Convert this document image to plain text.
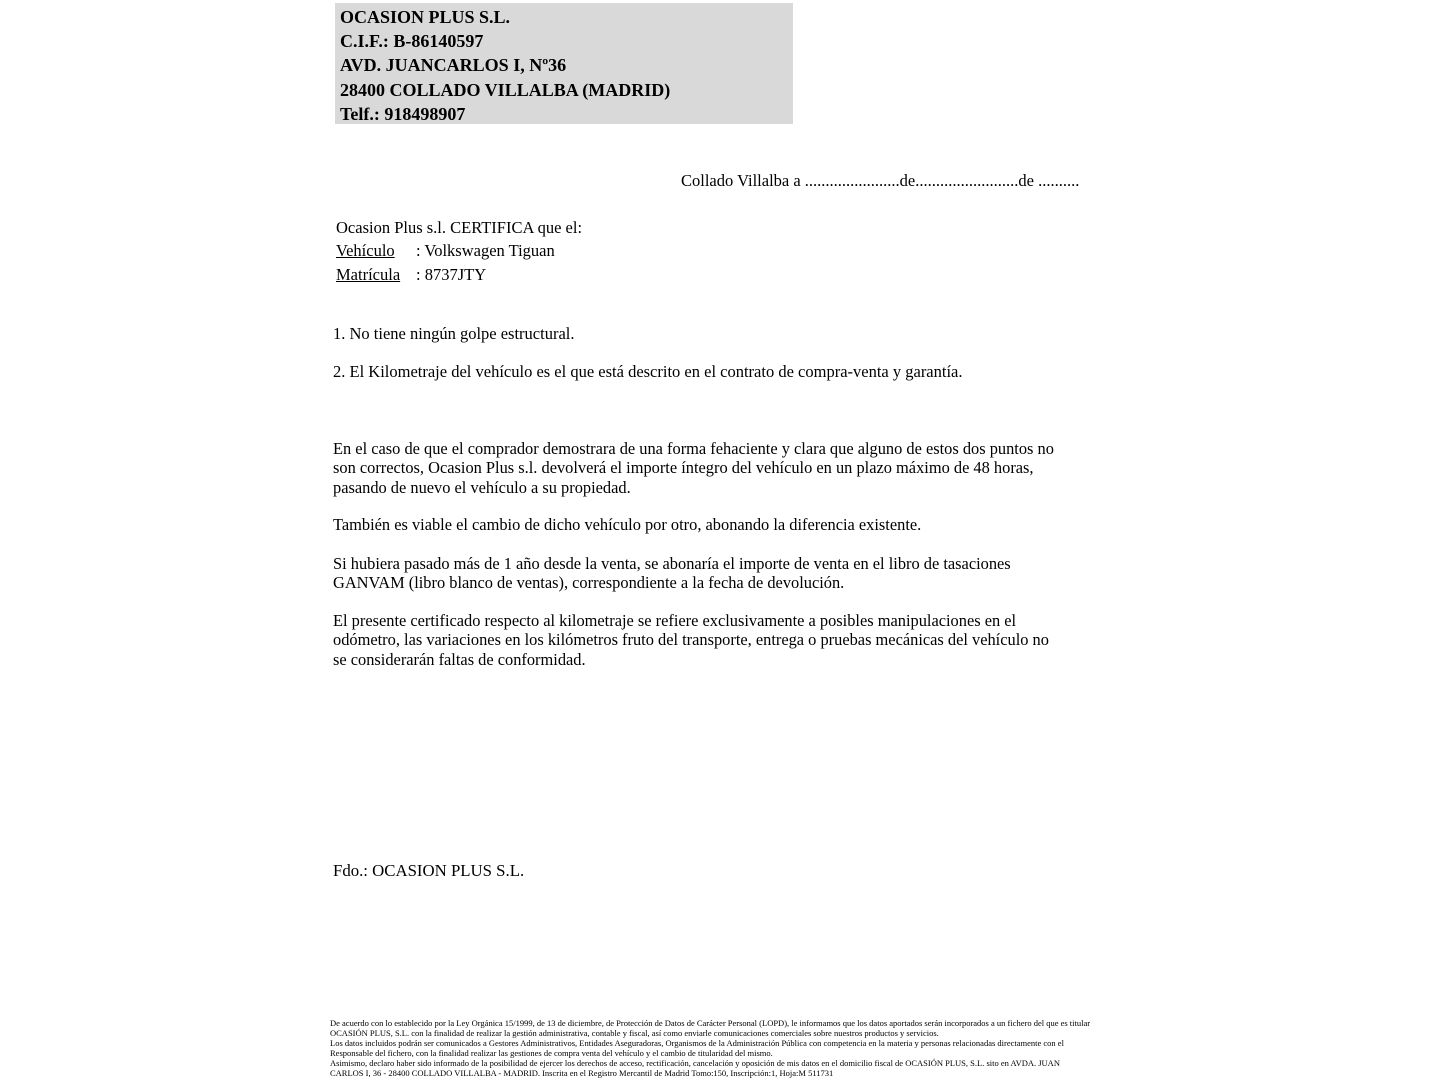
OCASION PLUS S.L.
C.I.F.: B-86140597
AVD. JUANCARLOS I, Nº36
28400 COLLADO VILLALBA (MADRID)
Telf.: 918498907
Collado Villalba a .......................de.........................de ..........
Ocasion Plus s.l. CERTIFICA que el:
Vehículo : Volkswagen Tiguan
Matrícula : 8737JTY
1. No tiene ningún golpe estructural.
2. El Kilometraje del vehículo es el que está descrito en el contrato de compra-venta y garantía.
En el caso de que el comprador demostrara de una forma fehaciente y clara que alguno de estos dos puntos no
son correctos, Ocasion Plus s.l. devolverá el importe íntegro del vehículo en un plazo máximo de 48 horas,
pasando de nuevo el vehículo a su propiedad.
También es viable el cambio de dicho vehículo por otro, abonando la diferencia existente.
Si hubiera pasado más de 1 año desde la venta, se abonaría el importe de venta en el libro de tasaciones
GANVAM (libro blanco de ventas), correspondiente a la fecha de devolución.
El presente certificado respecto al kilometraje se refiere exclusivamente a posibles manipulaciones en el
odómetro, las variaciones en los kilómetros fruto del transporte, entrega o pruebas mecánicas del vehículo no
se considerarán faltas de conformidad.
Fdo.: OCASION PLUS S.L.
De acuerdo con lo establecido por la Ley Orgánica 15/1999, de 13 de diciembre, de Protección de Datos de Carácter Personal (LOPD), le informamos que los datos aportados serán incorporados a un fichero del que es titular
OCASIÓN PLUS, S.L. con la finalidad de realizar la gestión administrativa, contable y fiscal, así como enviarle comunicaciones comerciales sobre nuestros productos y servicios.
Los datos incluidos podrán ser comunicados a Gestores Administrativos, Entidades Aseguradoras, Organismos de la Administración Pública con competencia en la materia y personas relacionadas directamente con el
Responsable del fichero, con la finalidad realizar las gestiones de compra venta del vehículo y el cambio de titularidad del mismo.
Asimismo, declaro haber sido informado de la posibilidad de ejercer los derechos de acceso, rectificación, cancelación y oposición de mis datos en el domicilio fiscal de OCASIÓN PLUS, S.L. sito en AVDA. JUAN
CARLOS I, 36 - 28400 COLLADO VILLALBA - MADRID. Inscrita en el Registro Mercantil de Madrid Tomo:150, Inscripción:1, Hoja:M 511731
